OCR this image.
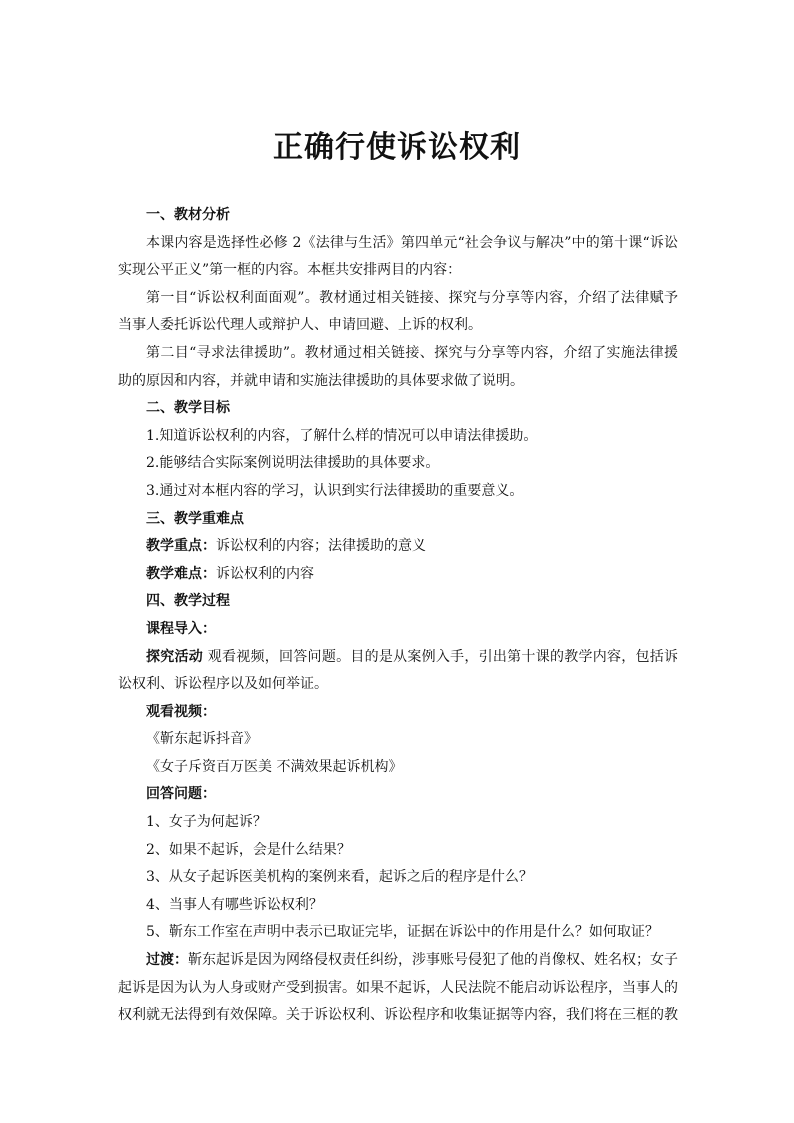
正确行使诉讼权利

一、教材分析

本课内容是选择性必修 2《法律与生活》第四单元“社会争议与解决”中的第十课“诉讼实现公平正义”第一框的内容。本框共安排两目的内容：

第一目“诉讼权利面面观”。教材通过相关链接、探究与分享等内容，介绍了法律赋予当事人委托诉讼代理人或辩护人、申请回避、上诉的权利。

第二目“寻求法律援助”。教材通过相关链接、探究与分享等内容，介绍了实施法律援助的原因和内容，并就申请和实施法律援助的具体要求做了说明。

二、教学目标

1.知道诉讼权利的内容，了解什么样的情况可以申请法律援助。

2.能够结合实际案例说明法律援助的具体要求。

3.通过对本框内容的学习，认识到实行法律援助的重要意义。

三、教学重难点

教学重点：诉讼权利的内容；法律援助的意义

教学难点：诉讼权利的内容

四、教学过程

课程导入：

探究活动 观看视频，回答问题。目的是从案例入手，引出第十课的教学内容，包括诉讼权利、诉讼程序以及如何举证。

观看视频：

《靳东起诉抖音》

《女子斥资百万医美 不满效果起诉机构》

回答问题：

1、女子为何起诉？

2、如果不起诉，会是什么结果？

3、从女子起诉医美机构的案例来看，起诉之后的程序是什么？

4、当事人有哪些诉讼权利？

5、靳东工作室在声明中表示已取证完毕，证据在诉讼中的作用是什么？如何取证？

过渡：靳东起诉是因为网络侵权责任纠纷，涉事账号侵犯了他的肖像权、姓名权；女子起诉是因为认为人身或财产受到损害。如果不起诉，人民法院不能启动诉讼程序，当事人的权利就无法得到有效保障。关于诉讼权利、诉讼程序和收集证据等内容，我们将在三框的教
